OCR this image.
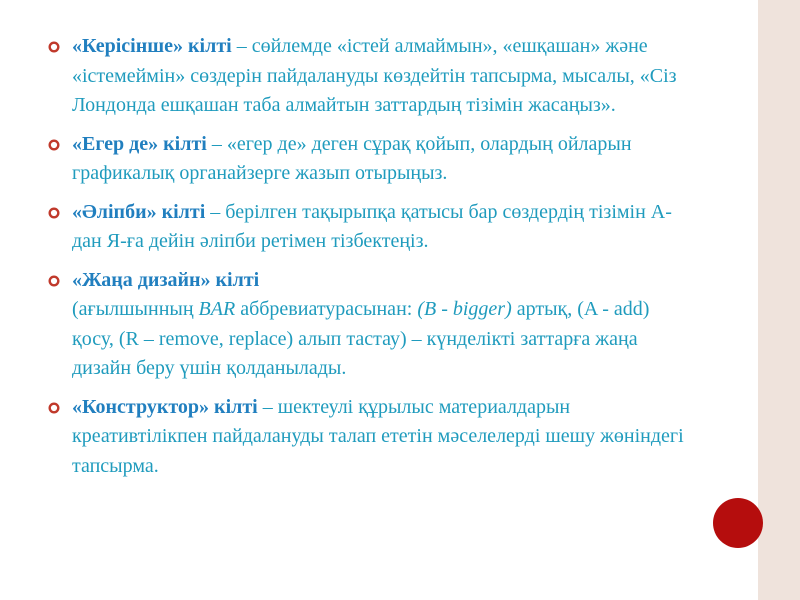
«Керісінше» кілті – сөйлемде «істей алмаймын», «ешқашан» және «істемеймін» сөздерін пайдалануды көздейтін тапсырма, мысалы, «Сіз Лондонда ешқашан таба алмайтын заттардың тізімін жасаңыз».
«Егер де» кілті – «егер де» деген сұрақ қойып, олардың ойларын графикалық органайзерге жазып отырыңыз.
«Әліпби» кілті – берілген тақырыпқа қатысы бар сөздердің тізімін А-дан Я-ға дейін әліпби ретімен тізбектеңіз.
«Жаңа дизайн» кілті
(ағылшынның BAR аббревиатурасынан: (B - bigger) артық, (A - add) қосу, (R – remove, replace) алып тастау) – күнделікті заттарға жаңа дизайн беру үшін қолданылады.
«Конструктор» кілті – шектеулі құрылыс материалдарын креативтілікпен пайдалануды талап ететін мәселелерді шешу жөніндегі тапсырма.
